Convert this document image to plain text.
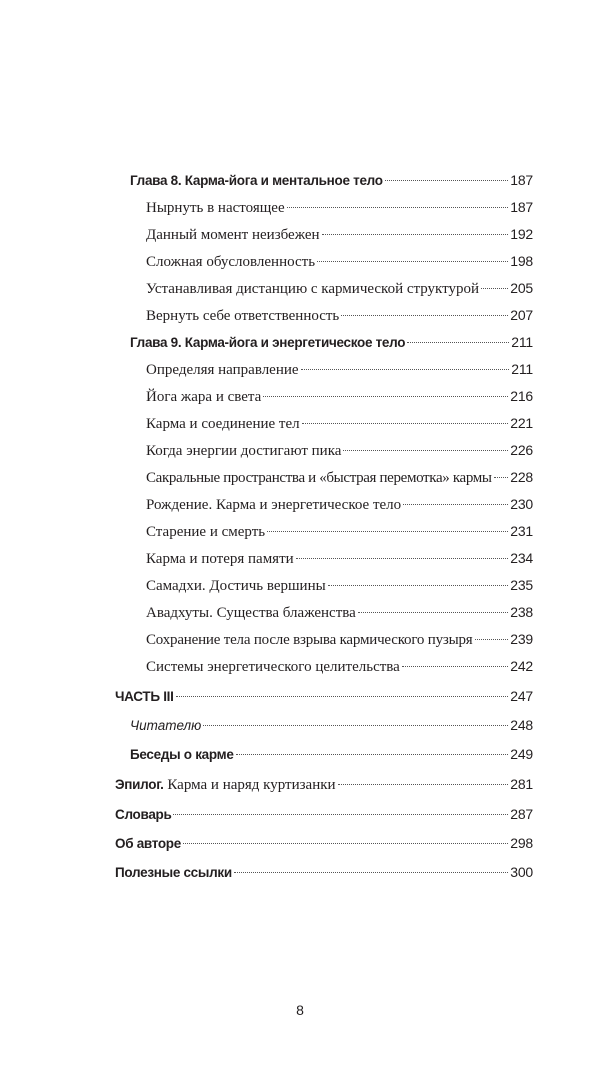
Глава 8. Карма-йога и ментальное тело	187
Нырнуть в настоящее	187
Данный момент неизбежен	192
Сложная обусловленность	198
Устанавливая дистанцию с кармической структурой 205
Вернуть себе ответственность	207
Глава 9. Карма-йога и энергетическое тело	211
Определяя направление	211
Йога жара и света	216
Карма и соединение тел	221
Когда энергии достигают пика	226
Сакральные пространства и «быстрая перемотка» кармы 228
Рождение. Карма и энергетическое тело	230
Старение и смерть	231
Карма и потеря памяти	234
Самадхи. Достичь вершины	235
Авадхуты. Существа блаженства	238
Сохранение тела после взрыва кармического пузыря	239
Системы энергетического целительства	242
ЧАСТЬ III	247
Читателю	248
Беседы о карме	249
Эпилог. Карма и наряд куртизанки	281
Словарь	287
Об авторе	298
Полезные ссылки	300
8
